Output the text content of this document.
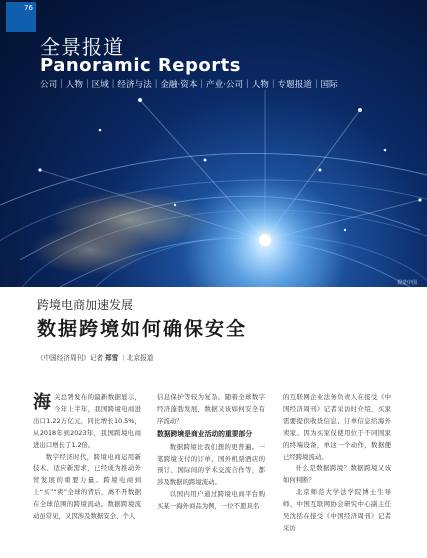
76
全景报道
Panoramic Reports
公司｜人物｜区域｜经济与法｜金融·资本｜产业·公司｜人物｜专题报道｜国际
视觉中国
跨境电商加速发展
数据跨境如何确保安全
《中国经济周刊》记者 郑雪 ｜北京报道

海关总署发布的最新数据显示，今年上半年，我国跨境电商进出口1.22万亿元，同比增长10.5%，从2018年到2023年，我国跨境电商进出口增长了1.2倍。

数字经济时代，跨境电商运用新技术、适应新需求，已经成为推动外贸发展的重要力量。跨境电商到上“买”“卖”全球的背后，离不开数据在全球范围的跨境流动。数据跨境流动虽常见，又因涉及数据安全、个人

信息保护等较为复杂。随着全球数字经济蓬勃发展，数据又该如何安全有序流动？

数据跨境是商业活动的重要部分

数据跨境比我们想的更普遍。一笔跨境支付的订单、国外机票酒店的预订、国际间的学术交流合作等，都涉及数据的跨境流动。

以国内用户通过跨境电商平台购买某一海外商品为例，一位不愿具名

的互联网企业法务负责人在接受《中国经济周刊》记者采访时介绍，买家需要提供收货信息、订单信息给海外卖家。因为买家仅使用位于不同国家的终端设备，单这一个动作，数据便已经跨境流动。

什么是数据跨境？数据跨境又该如何判断？

北京师范大学法学院博士生导师、中国互联网协会研究中心副主任吴沈括在接受《中国经济周刊》记者采访
